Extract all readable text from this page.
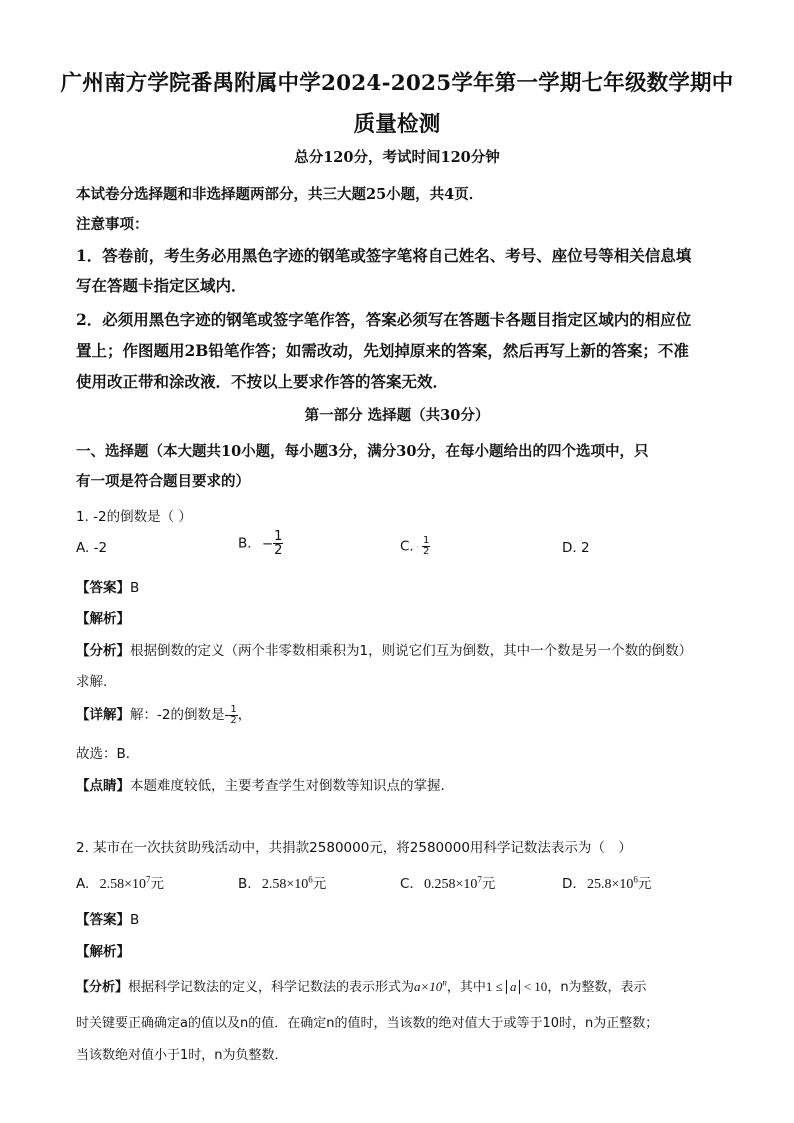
广州南方学院番禺附属中学2024-2025学年第一学期七年级数学期中
质量检测
总分120分，考试时间120分钟
本试卷分选择题和非选择题两部分，共三大题25小题，共4页．
注意事项：
1．答卷前，考生务必用黑色字迹的钢笔或签字笔将自己姓名、考号、座位号等相关信息填
写在答题卡指定区域内．
2．必须用黑色字迹的钢笔或签字笔作答，答案必须写在答题卡各题目指定区域内的相应位
置上；作图题用2B铅笔作答；如需改动，先划掉原来的答案，然后再写上新的答案；不准
使用改正带和涂改液．不按以上要求作答的答案无效．
第一部分 选择题（共30分）
一、选择题（本大题共10小题，每小题3分，满分30分，在每小题给出的四个选项中，只
有一项是符合题目要求的）
1. -2的倒数是（ ）
A. -2	B. − $\frac{1}{2}$	C. $\frac{1}{2}$	D. 2
【答案】B
【解析】
【分析】根据倒数的定义（两个非零数相乘积为1，则说它们互为倒数，其中一个数是另一个数的倒数）
求解.
【详解】解：-2的倒数是- $\frac{1}{2}$ ，
故选：B．
【点睛】本题难度较低，主要考查学生对倒数等知识点的掌握.
2. 某市在一次扶贫助残活动中，共捐款2580000元，将2580000用科学记数法表示为（　）
A. $2.58\times 10^7$元	B. $2.58\times 10^6$元	C. $0.258\times 10^7$元	D. $25.8\times 10^6$元
【答案】B
【解析】
【分析】根据科学记数法的定义，科学记数法的表示形式为$a\times 10^n$，其中1 ≤ a < 10，n为整数，表示
时关键要正确确定a的值以及n的值．在确定n的值时，当该数的绝对值大于或等于10时，n为正整数；
当该数绝对值小于1时，n为负整数．
